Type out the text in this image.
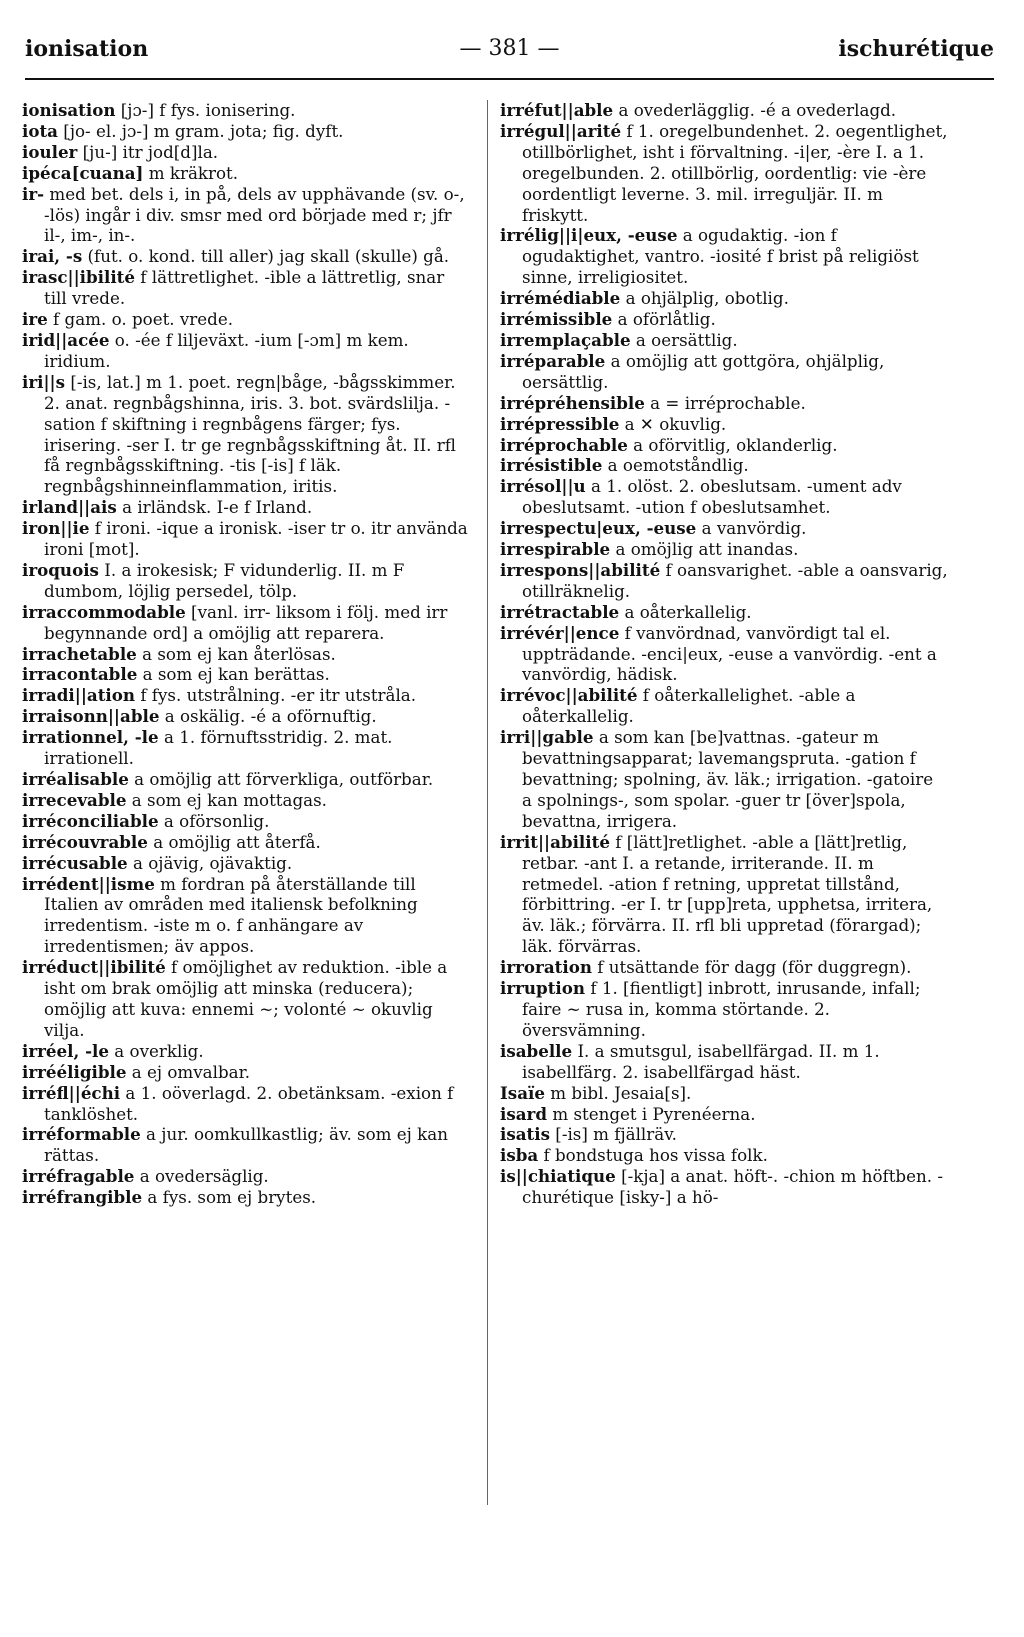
ionisation	— 381 —	ischurétique

ionisation [jɔ-] f fys. ionisering.

iota [jo- el. jɔ-] m gram. jota; fig. dyft.

iouler [ju-] itr jod[d]la.

ipéca[cuana] m kräkrot.

ir- med bet. dels i, in på, dels av upphävande (sv. o-, -lös) ingår i div. smsr med ord började med r; jfr il-, im-, in-.

irai, -s (fut. o. kond. till aller) jag skall (skulle) gå.

irasc||ibilité f lättretlighet. -ible a lättretlig, snar till vrede.

ire f gam. o. poet. vrede.

irid||acée o. -ée f liljeväxt. -ium [-ɔm] m kem. iridium.

iri||s [-is, lat.] m 1. poet. regn|båge, -bågsskimmer. 2. anat. regnbågshinna, iris. 3. bot. svärdslilja. -sation f skiftning i regnbågens färger; fys. irisering. -ser I. tr ge regnbågsskiftning åt. II. rfl få regnbågsskiftning. -tis [-is] f läk. regnbågshinneinflammation, iritis.

irland||ais a irländsk. I-e f Irland.

iron||ie f ironi. -ique a ironisk. -iser tr o. itr använda ironi [mot].

iroquois I. a irokesisk; F vidunderlig. II. m F dumbom, löjlig persedel, tölp.

irraccommodable [vanl. irr- liksom i följ. med irr begynnande ord] a omöjlig att reparera.

irrachetable a som ej kan återlösas.

irracontable a som ej kan berättas.

irradi||ation f fys. utstrålning. -er itr utstråla.

irraisonn||able a oskälig. -é a oförnuftig.

irrationnel, -le a 1. förnuftsstridig. 2. mat. irrationell.

irréalisable a omöjlig att förverkliga, outförbar.

irrecevable a som ej kan mottagas.

irréconciliable a oförsonlig.

irrécouvrable a omöjlig att återfå.

irrécusable a ojävig, ojävaktig.

irrédent||isme m fordran på återställande till Italien av områden med italiensk befolkning irredentism. -iste m o. f anhängare av irredentismen; äv appos.

irréduct||ibilité f omöjlighet av reduktion. -ible a isht om brak omöjlig att minska (reducera); omöjlig att kuva: ennemi ~; volonté ~ okuvlig vilja.

irréel, -le a overklig.

irrééligible a ej omvalbar.

irréfl||échi a 1. oöverlagd. 2. obetänksam. -exion f tanklöshet.

irréformable a jur. oomkullkastlig; äv. som ej kan rättas.

irréfragable a ovedersäglig.

irréfrangible a fys. som ej brytes.

irréfut||able a ovederlägglig. -é a ovederlagd.

irrégul||arité f 1. oregelbundenhet. 2. oegentlighet, otillbörlighet, isht i förvaltning. -i|er, -ère I. a 1. oregelbunden. 2. otillbörlig, oordentlig: vie -ère oordentligt leverne. 3. mil. irreguljär. II. m friskytt.

irrélig||i|eux, -euse a ogudaktig. -ion f ogudaktighet, vantro. -iosité f brist på religiöst sinne, irreligiositet.

irrémédiable a ohjälplig, obotlig.

irrémissible a oförlåtlig.

irremplaçable a oersättlig.

irréparable a omöjlig att gottgöra, ohjälplig, oersättlig.

irrépréhensible a = irréprochable.

irrépressible a ✕ okuvlig.

irréprochable a oförvitlig, oklanderlig.

irrésistible a oemotståndlig.

irrésol||u a 1. olöst. 2. obeslutsam. -ument adv obeslutsamt. -ution f obeslutsamhet.

irrespectu|eux, -euse a vanvördig.

irrespirable a omöjlig att inandas.

irrespons||abilité f oansvarighet. -able a oansvarig, otillräknelig.

irrétractable a oåterkallelig.

irrévér||ence f vanvördnad, vanvördigt tal el. uppträdande. -enci|eux, -euse a vanvördig. -ent a vanvördig, hädisk.

irrévoc||abilité f oåterkallelighet. -able a oåterkallelig.

irri||gable a som kan [be]vattnas. -gateur m bevattningsapparat; lavemangspruta. -gation f bevattning; spolning, äv. läk.; irrigation. -gatoire a spolnings-, som spolar. -guer tr [över]spola, bevattna, irrigera.

irrit||abilité f [lätt]retlighet. -able a [lätt]retlig, retbar. -ant I. a retande, irriterande. II. m retmedel. -ation f retning, uppretat tillstånd, förbittring. -er I. tr [upp]reta, upphetsa, irritera, äv. läk.; förvärra. II. rfl bli uppretad (förargad); läk. förvärras.

irroration f utsättande för dagg (för duggregn).

irruption f 1. [fientligt] inbrott, inrusande, infall; faire ~ rusa in, komma störtande. 2. översvämning.

isabelle I. a smutsgul, isabellfärgad. II. m 1. isabellfärg. 2. isabellfärgad häst.

Isaïe m bibl. Jesaia[s].

isard m stenget i Pyrenéerna.

isatis [-is] m fjällräv.

isba f bondstuga hos vissa folk.

is||chiatique [-kja] a anat. höft-. -chion m höftben. -churétique [isky-] a hö-
